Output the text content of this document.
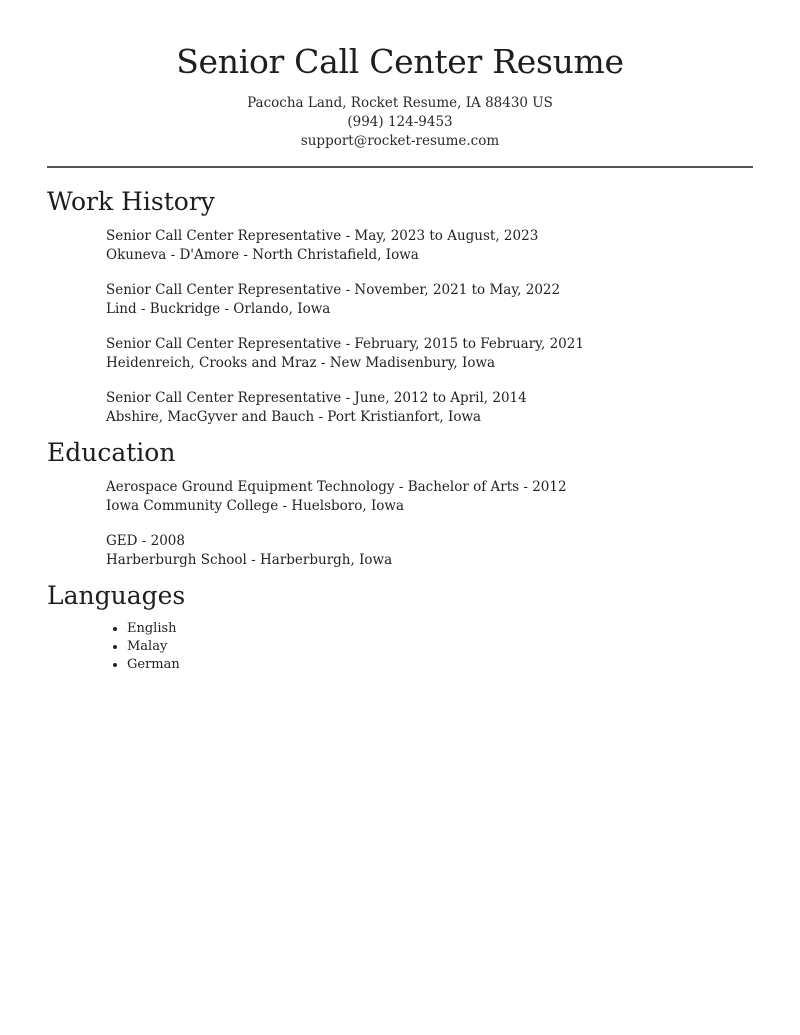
Senior Call Center Resume
Pacocha Land, Rocket Resume, IA 88430 US
(994) 124-9453
support@rocket-resume.com
Work History
Senior Call Center Representative - May, 2023 to August, 2023
Okuneva - D'Amore - North Christafield, Iowa
Senior Call Center Representative - November, 2021 to May, 2022
Lind - Buckridge - Orlando, Iowa
Senior Call Center Representative - February, 2015 to February, 2021
Heidenreich, Crooks and Mraz - New Madisenbury, Iowa
Senior Call Center Representative - June, 2012 to April, 2014
Abshire, MacGyver and Bauch - Port Kristianfort, Iowa
Education
Aerospace Ground Equipment Technology - Bachelor of Arts - 2012
Iowa Community College - Huelsboro, Iowa
GED - 2008
Harberburgh School - Harberburgh, Iowa
Languages
• English
• Malay
• German
